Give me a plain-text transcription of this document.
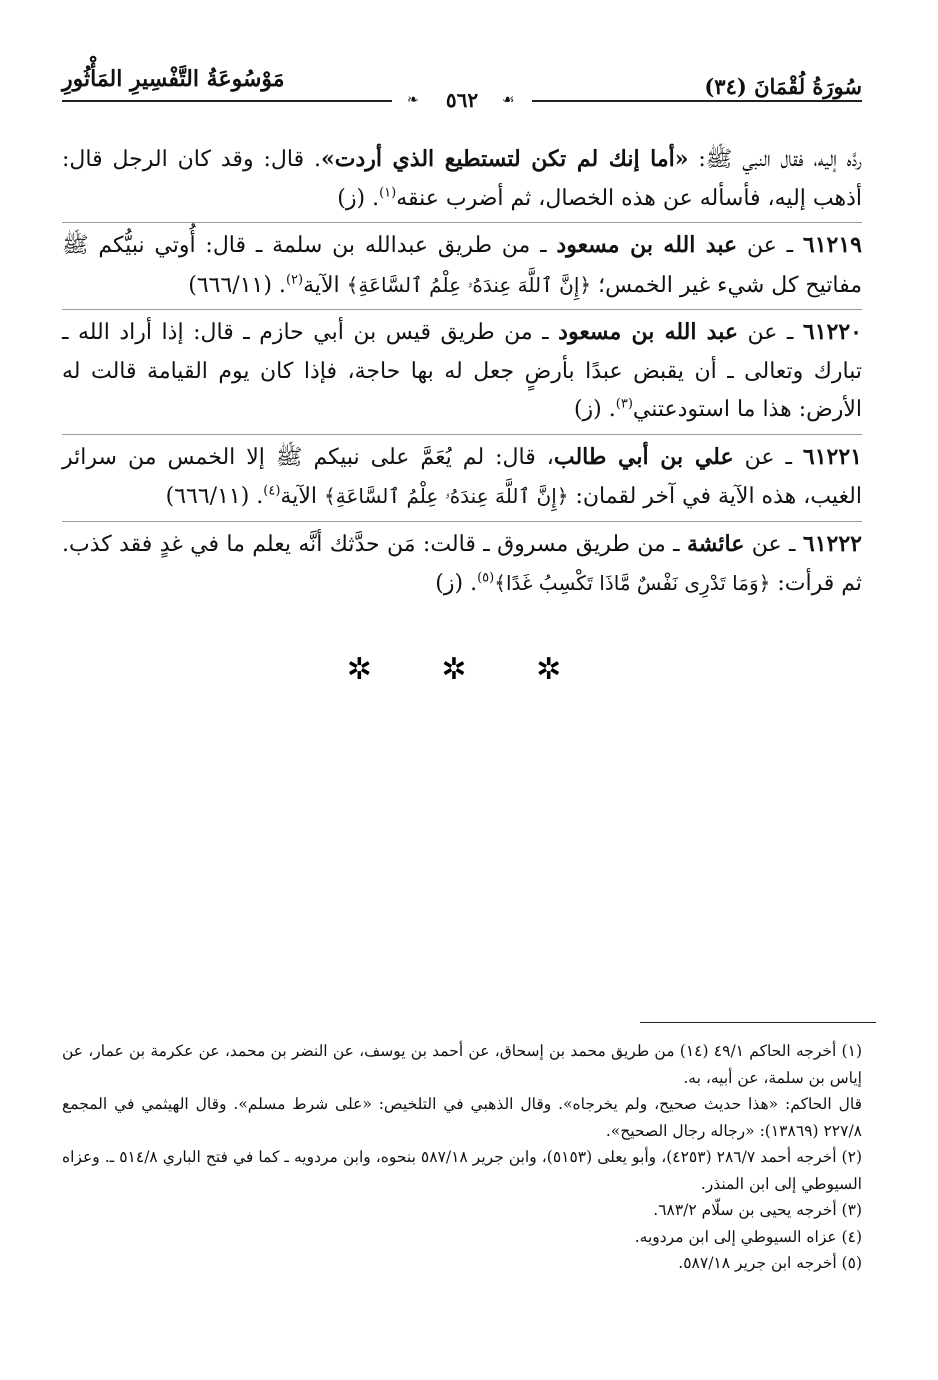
مَوْسُوعَةُ التَّفْسِيرِ المَأْثُورِ
❧	٥٦٢	☙
سُورَةُ لُقْمَانَ (٣٤)

ردَّه إليه، فقال النبي ﷺ: «أما إنك لم تكن لتستطيع الذي أردت». قال: وقد كان الرجل قال: أذهب إليه، فأسأله عن هذه الخصال، ثم أضرب عنقه$^{(١)}$. (ز)

٦١٢١٩ ـ عن عبد الله بن مسعود ـ من طريق عبدالله بن سلمة ـ قال: أُوتي نبيُّكم ﷺ مفاتيح كل شيء غير الخمس؛ ﴿إِنَّ ٱللَّهَ عِندَهُۥ عِلْمُ ٱلسَّاعَةِ﴾ الآية$^{(٢)}$. (٦٦٦/١١)

٦١٢٢٠ ـ عن عبد الله بن مسعود ـ من طريق قيس بن أبي حازم ـ قال: إذا أراد الله ـ تبارك وتعالى ـ أن يقبض عبدًا بأرضٍ جعل له بها حاجة، فإذا كان يوم القيامة قالت له الأرض: هذا ما استودعتني$^{(٣)}$. (ز)

٦١٢٢١ ـ عن علي بن أبي طالب، قال: لم يُعَمَّ على نبيكم ﷺ إلا الخمس من سرائر الغيب، هذه الآية في آخر لقمان: ﴿إِنَّ ٱللَّهَ عِندَهُۥ عِلْمُ ٱلسَّاعَةِ﴾ الآية$^{(٤)}$. (٦٦٦/١١)

٦١٢٢٢ ـ عن عائشة ـ من طريق مسروق ـ قالت: مَن حدَّثك أنَّه يعلم ما في غدٍ فقد كذب. ثم قرأت: ﴿وَمَا تَدْرِى نَفْسٌ مَّاذَا تَكْسِبُ غَدًا﴾$^{(٥)}$. (ز)

✲ ✲ ✲

(١) أخرجه الحاكم ٤٩/١ (١٤) من طريق محمد بن إسحاق، عن أحمد بن يوسف، عن النضر بن محمد، عن عكرمة بن عمار، عن إياس بن سلمة، عن أبيه، به.

قال الحاكم: «هذا حديث صحيح، ولم يخرجاه». وقال الذهبي في التلخيص: «على شرط مسلم». وقال الهيثمي في المجمع ٢٢٧/٨ (١٣٨٦٩): «رجاله رجال الصحيح».

(٢) أخرجه أحمد ٢٨٦/٧ (٤٢٥٣)، وأبو يعلى (٥١٥٣)، وابن جرير ٥٨٧/١٨ بنحوه، وابن مردويه ـ كما في فتح الباري ٥١٤/٨ ـ. وعزاه السيوطي إلى ابن المنذر.

(٣) أخرجه يحيى بن سلّام ٦٨٣/٢.

(٤) عزاه السيوطي إلى ابن مردويه.

(٥) أخرجه ابن جرير ٥٨٧/١٨.
